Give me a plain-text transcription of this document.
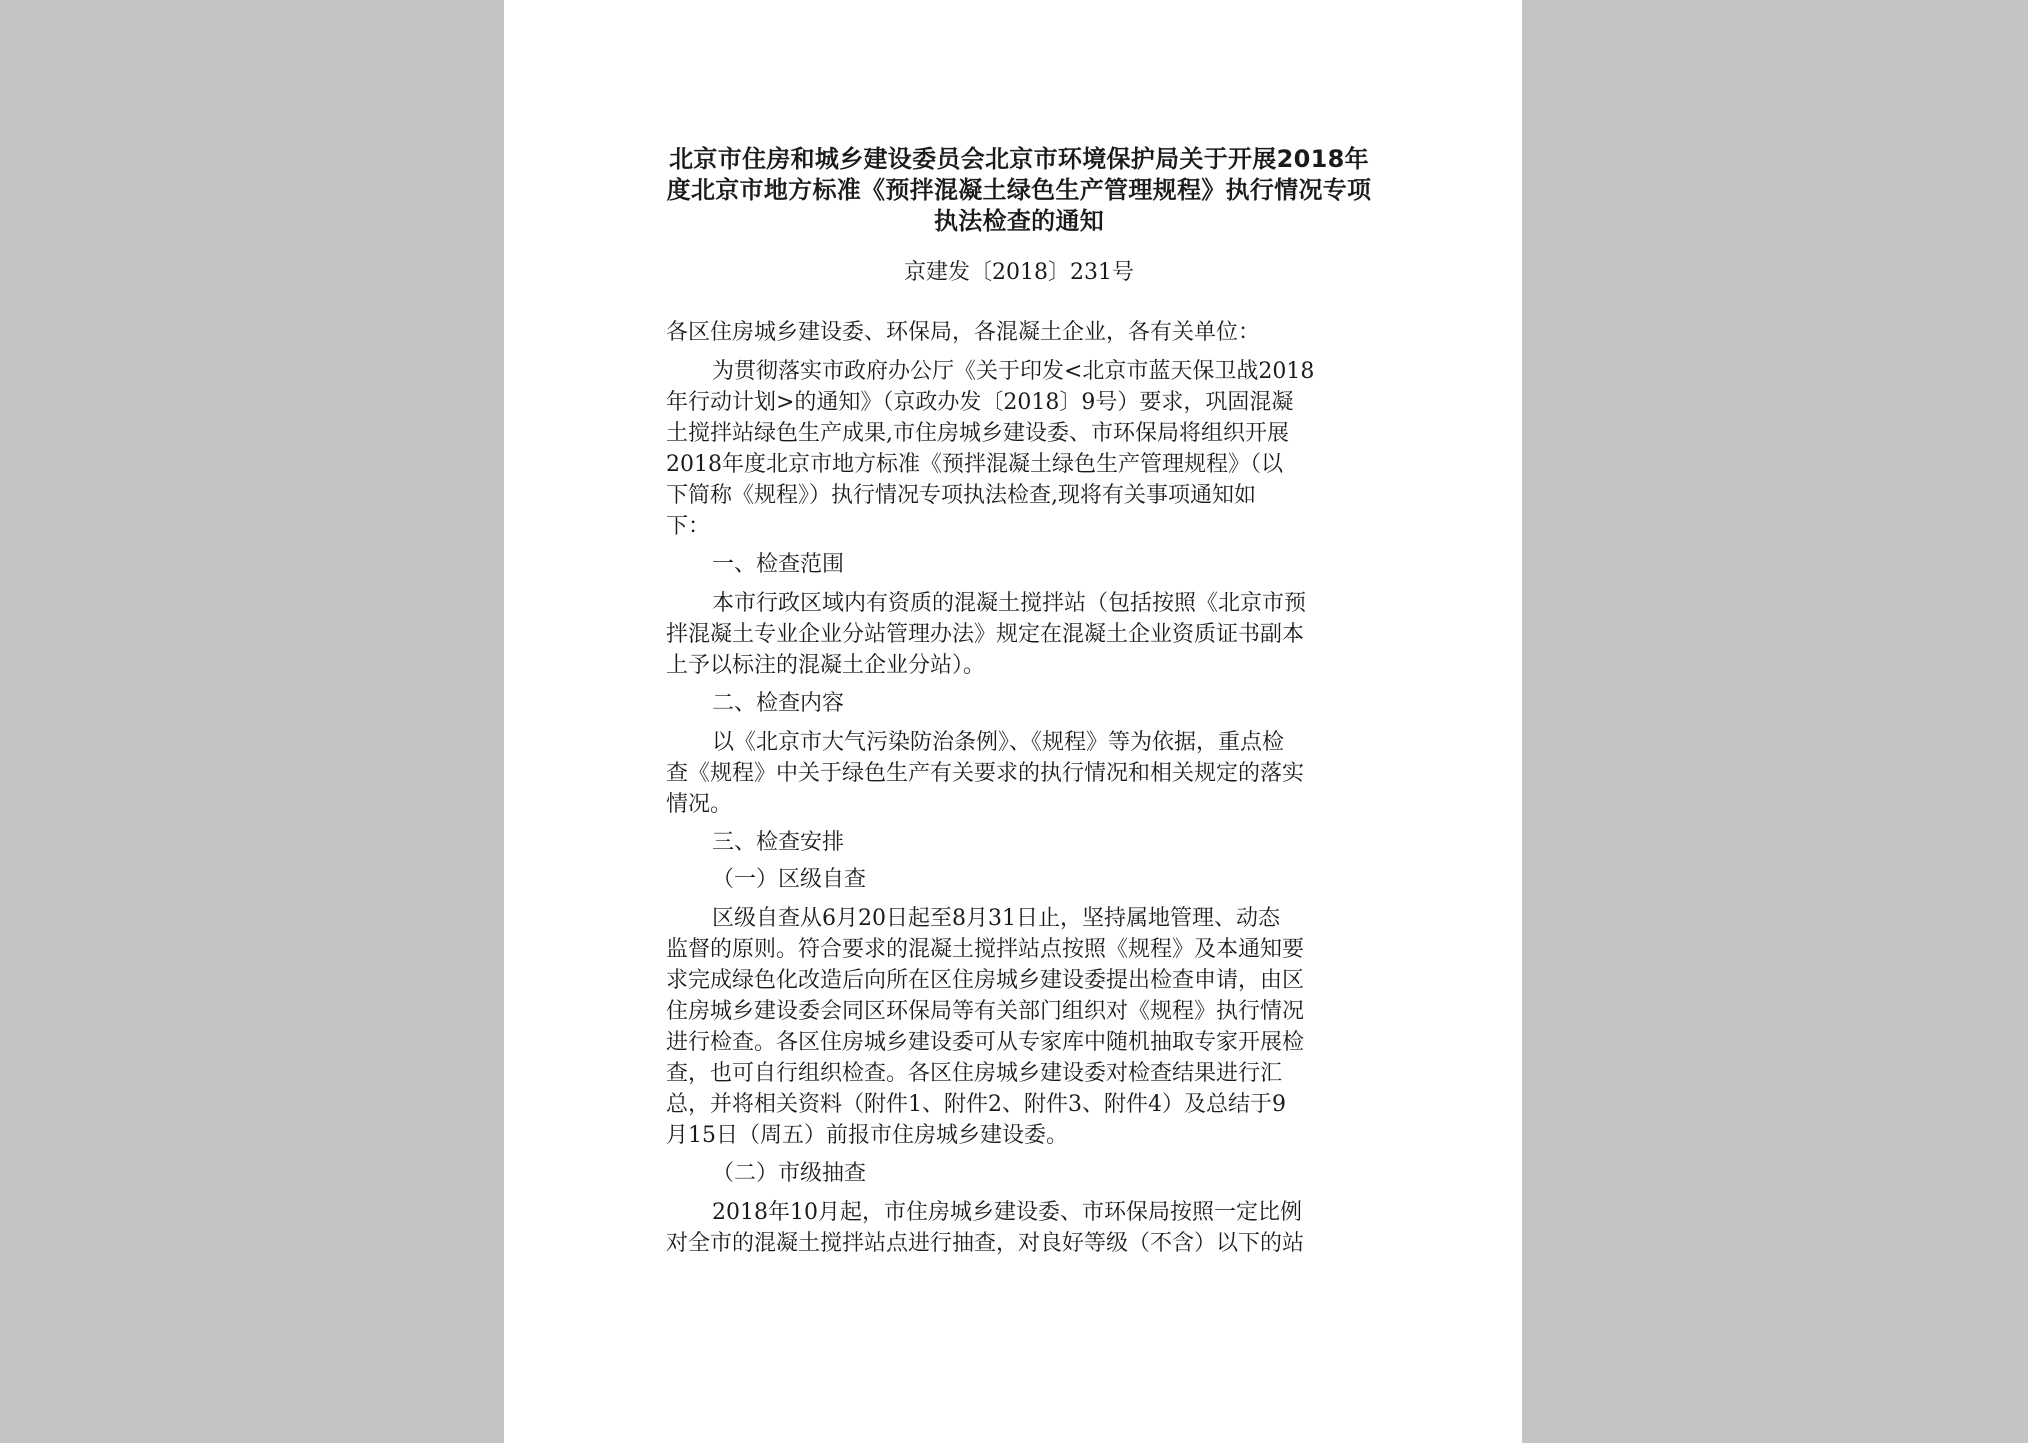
北京市住房和城乡建设委员会北京市环境保护局关于开展2018年
度北京市地方标准《预拌混凝土绿色生产管理规程》执行情况专项
执法检查的通知
京建发〔2018〕231号
各区住房城乡建设委、环保局，各混凝土企业，各有关单位：
为贯彻落实市政府办公厅《关于印发<北京市蓝天保卫战2018
年行动计划>的通知》（京政办发〔2018〕9号）要求，巩固混凝
土搅拌站绿色生产成果,市住房城乡建设委、市环保局将组织开展
2018年度北京市地方标准《预拌混凝土绿色生产管理规程》（以
下简称《规程》）执行情况专项执法检查,现将有关事项通知如
下：
一、检查范围
本市行政区域内有资质的混凝土搅拌站（包括按照《北京市预
拌混凝土专业企业分站管理办法》规定在混凝土企业资质证书副本
上予以标注的混凝土企业分站）。
二、检查内容
以《北京市大气污染防治条例》、《规程》等为依据，重点检
查《规程》中关于绿色生产有关要求的执行情况和相关规定的落实
情况。
三、检查安排
（一）区级自查
区级自查从6月20日起至8月31日止，坚持属地管理、动态
监督的原则。符合要求的混凝土搅拌站点按照《规程》及本通知要
求完成绿色化改造后向所在区住房城乡建设委提出检查申请，由区
住房城乡建设委会同区环保局等有关部门组织对《规程》执行情况
进行检查。各区住房城乡建设委可从专家库中随机抽取专家开展检
查，也可自行组织检查。各区住房城乡建设委对检查结果进行汇
总，并将相关资料（附件1、附件2、附件3、附件4）及总结于9
月15日（周五）前报市住房城乡建设委。
（二）市级抽查
2018年10月起，市住房城乡建设委、市环保局按照一定比例
对全市的混凝土搅拌站点进行抽查，对良好等级（不含）以下的站
